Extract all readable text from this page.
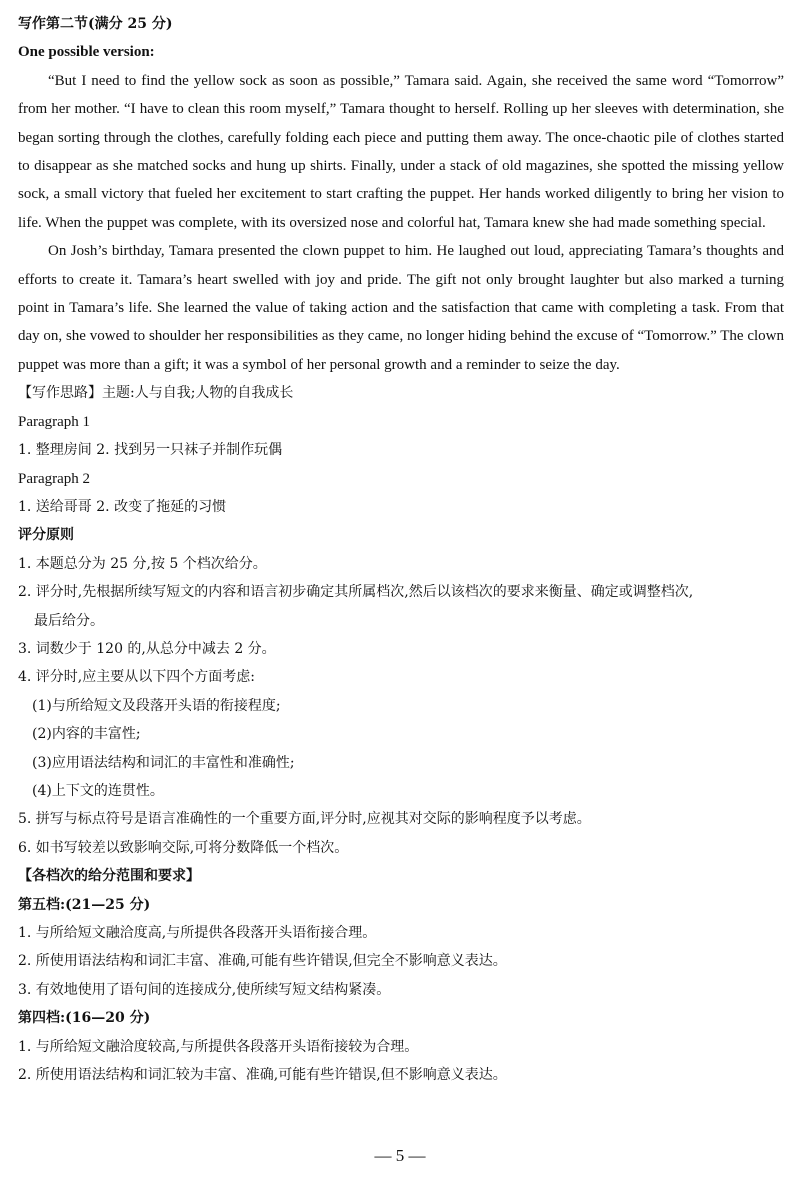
写作第二节(满分 25 分)
One possible version:

“But I need to find the yellow sock as soon as possible,” Tamara said. Again, she received the same word “Tomorrow” from her mother. “I have to clean this room myself,” Tamara thought to herself. Rolling up her sleeves with determination, she began sorting through the clothes, carefully folding each piece and putting them away. The once-chaotic pile of clothes started to disappear as she matched socks and hung up shirts. Finally, under a stack of old magazines, she spotted the missing yellow sock, a small victory that fueled her excitement to start crafting the puppet. Her hands worked diligently to bring her vision to life. When the puppet was complete, with its oversized nose and colorful hat, Tamara knew she had made something special.

On Josh’s birthday, Tamara presented the clown puppet to him. He laughed out loud, appreciating Tamara’s thoughts and efforts to create it. Tamara’s heart swelled with joy and pride. The gift not only brought laughter but also marked a turning point in Tamara’s life. She learned the value of taking action and the satisfaction that came with completing a task. From that day on, she vowed to shoulder her responsibilities as they came, no longer hiding behind the excuse of “Tomorrow.” The clown puppet was more than a gift; it was a symbol of her personal growth and a reminder to seize the day.

【写作思路】主题:人与自我;人物的自我成长
Paragraph 1
1. 整理房间 2. 找到另一只袜子并制作玩偶
Paragraph 2
1. 送给哥哥 2. 改变了拖延的习惯
评分原则
1. 本题总分为 25 分,按 5 个档次给分。
2. 评分时,先根据所续写短文的内容和语言初步确定其所属档次,然后以该档次的要求来衡量、确定或调整档次,
最后给分。
3. 词数少于 120 的,从总分中减去 2 分。
4. 评分时,应主要从以下四个方面考虑:
(1)与所给短文及段落开头语的衔接程度;
(2)内容的丰富性;
(3)应用语法结构和词汇的丰富性和准确性;
(4)上下文的连贯性。
5. 拼写与标点符号是语言准确性的一个重要方面,评分时,应视其对交际的影响程度予以考虑。
6. 如书写较差以致影响交际,可将分数降低一个档次。
【各档次的给分范围和要求】
第五档:(21—25 分)
1. 与所给短文融洽度高,与所提供各段落开头语衔接合理。
2. 所使用语法结构和词汇丰富、准确,可能有些许错误,但完全不影响意义表达。
3. 有效地使用了语句间的连接成分,使所续写短文结构紧凑。
第四档:(16—20 分)
1. 与所给短文融洽度较高,与所提供各段落开头语衔接较为合理。
2. 所使用语法结构和词汇较为丰富、准确,可能有些许错误,但不影响意义表达。
— 5 —
